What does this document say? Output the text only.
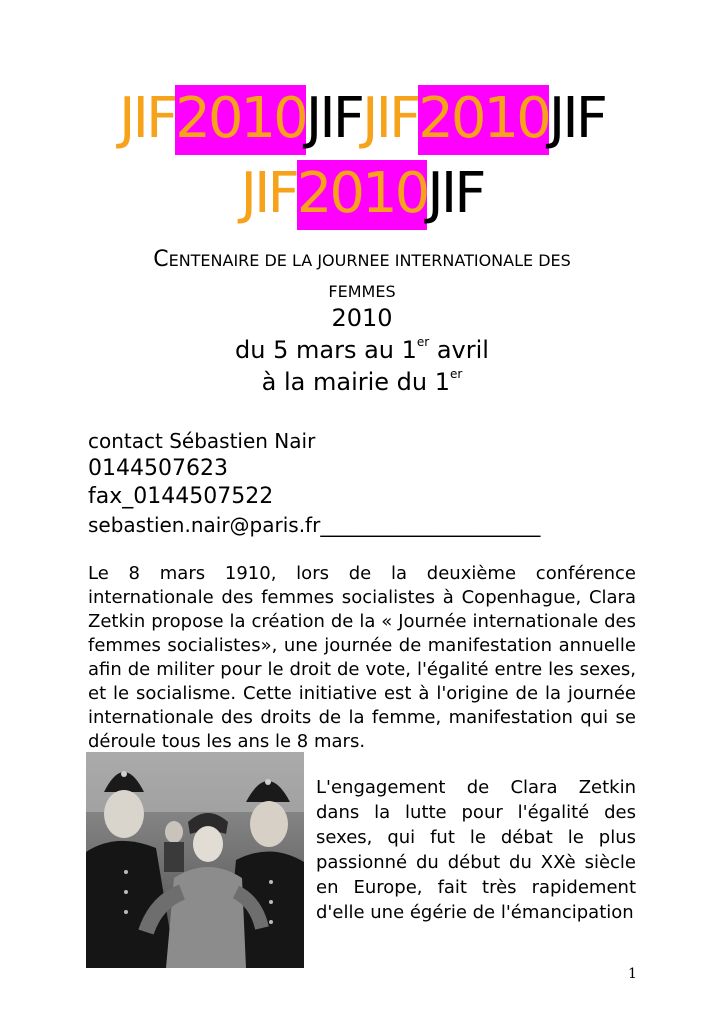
JIF2010JIFJIF2010JIF
JIF2010JIF
CENTENAIRE DE LA JOURNEE INTERNATIONALE DES
FEMMES
2010
du 5 mars au 1er avril
à la mairie du 1er
contact Sébastien Nair
0144507623
fax_0144507522
sebastien.nair@paris.fr______________________
Le 8 mars 1910, lors de la deuxième conférence internationale des femmes socialistes à Copenhague, Clara Zetkin propose la création de la « Journée internationale des femmes socialistes», une journée de manifestation annuelle afin de militer pour le droit de vote, l'égalité entre les sexes, et le socialisme. Cette initiative est à l'origine de la journée internationale des droits de la femme, manifestation qui se déroule tous les ans le 8 mars.
L'engagement de Clara Zetkin dans la lutte pour l'égalité des sexes, qui fut le débat le plus passionné du début du XXè siècle en Europe, fait très rapidement d'elle une égérie de l'émancipation
1
